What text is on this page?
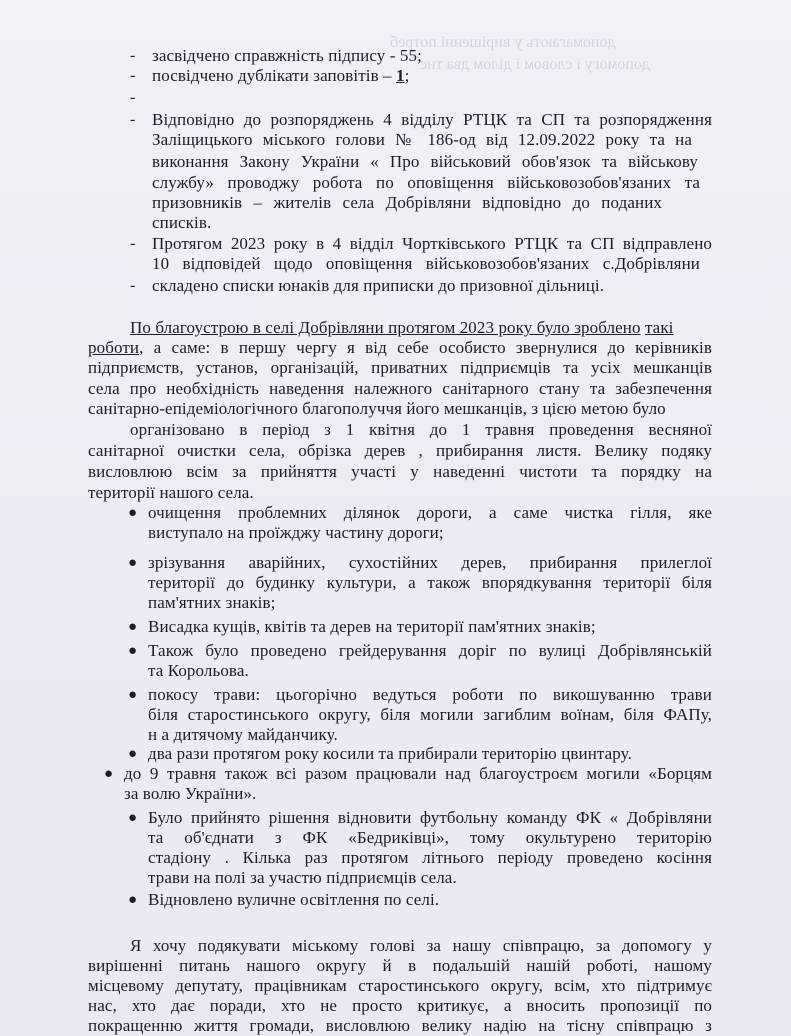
допомагають у вирішенні потреб
допомогу і словом і ділом два тис
- засвідчено справжність підпису - 55;
- посвідчено дублікати заповітів – 1;
-
- Відповідно до розпоряджень 4 відділу РТЦК та СП та розпорядження
Заліщицького міського голови № 186-од від 12.09.2022 року та на
виконання Закону України « Про військовий обов'язок та військову
службу» проводжу робота по оповіщення військовозобов'язаних та
призовників – жителів села Добрівляни відповідно до поданих
списків.
- Протягом 2023 року в 4 відділ Чортківського РТЦК та СП відправлено
10 відповідей щодо оповіщення військовозобов'язаних с.Добрівляни
- складено списки юнаків для приписки до призовної дільниці.
По благоустрою в селі Добрівляни протягом 2023 року було зроблено такі
роботи, а саме: в першу чергу я від себе особисто звернулися до керівників
підприємств, установ, організацій, приватних підприємців та усіх мешканців
села про необхідність наведення належного санітарного стану та забезпечення
санітарно-епідеміологічного благополуччя його мешканців, з цією метою було
організовано в період з 1 квітня до 1 травня проведення весняної
санітарної очистки села, обрізка дерев , прибирання листя. Велику подяку
висловлюю всім за прийняття участі у наведенні чистоти та порядку на
території нашого села.
● очищення проблемних ділянок дороги, а саме чистка гілля, яке
виступало на проїжджу частину дороги;
● зрізування аварійних, сухостійних дерев, прибирання прилеглої
території до будинку культури, а також впорядкування території біля
пам'ятних знаків;
● Висадка кущів, квітів та дерев на території пам'ятних знаків;
● Також було проведено грейдерування доріг по вулиці Добрівлянській
та Корольова.
● покосу трави: цьогорічно ведуться роботи по викошуванню трави
біля старостинського округу, біля могили загиблим воїнам, біля ФАПу,
н а дитячому майданчику.
● два рази протягом року косили та прибирали територію цвинтару.
● до 9 травня також всі разом працювали над благоустроєм могили «Борцям
за волю України».
● Було прийнято рішення відновити футбольну команду ФК « Добрівляни
та об'єднати з ФК «Бедриківці», тому окультурено територію
стадіону . Кілька раз протягом літнього періоду проведено косіння
трави на полі за участю підприємців села.
● Відновлено вуличне освітлення по селі.
Я хочу подякувати міському голові за нашу співпрацю, за допомогу у
вирішенні питань нашого округу й в подальшій нашій роботі, нашому
місцевому депутату, працівникам старостинського округу, всім, хто підтримує
нас, хто дає поради, хто не просто критикує, а вносить пропозиції по
покращенню життя громади, висловлюю велику надію на тісну співпрацю з
